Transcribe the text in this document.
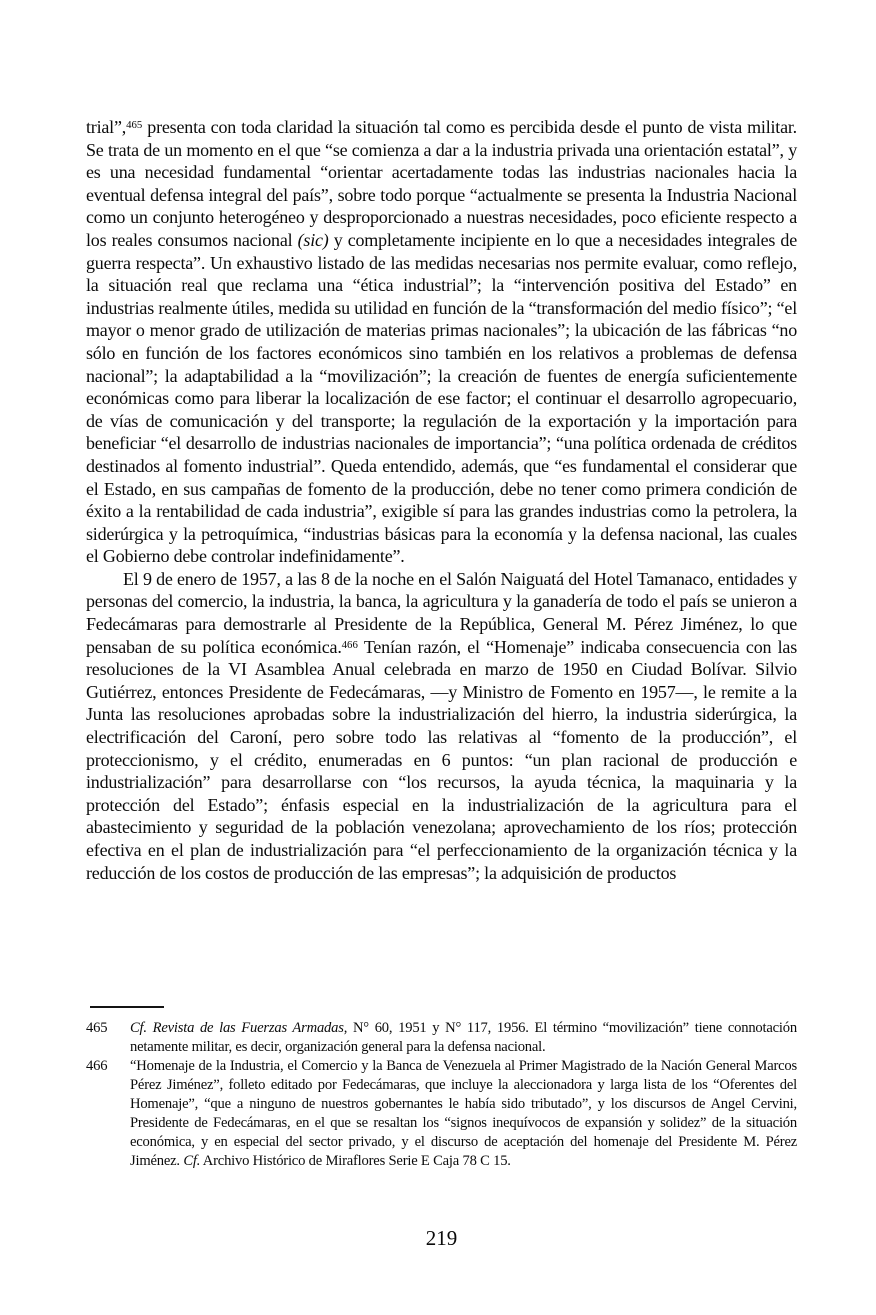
trial”,$^{465}$ presenta con toda claridad la situación tal como es percibida desde el punto de vista militar. Se trata de un momento en el que “se comienza a dar a la industria privada una orientación estatal”, y es una necesidad fundamental “orientar acertadamente todas las industrias nacionales hacia la eventual defensa integral del país”, sobre todo porque “actualmente se presenta la Industria Nacional como un conjunto heterogéneo y desproporcionado a nuestras necesidades, poco eficiente respecto a los reales consumos nacional (sic) y completamente incipiente en lo que a necesidades integrales de guerra respecta”. Un exhaustivo listado de las medidas necesarias nos permite evaluar, como reflejo, la situación real que reclama una “ética industrial”; la “intervención positiva del Estado” en industrias realmente útiles, medida su utilidad en función de la “transformación del medio físico”; “el mayor o menor grado de utilización de materias primas nacionales”; la ubicación de las fábricas “no sólo en función de los factores económicos sino también en los relativos a problemas de defensa nacional”; la adaptabilidad a la “movilización”; la creación de fuentes de energía suficientemente económicas como para liberar la localización de ese factor; el continuar el desarrollo agropecuario, de vías de comunicación y del transporte; la regulación de la exportación y la importación para beneficiar “el desarrollo de industrias nacionales de importancia”; “una política ordenada de créditos destinados al fomento industrial”. Queda entendido, además, que “es fundamental el considerar que el Estado, en sus campañas de fomento de la producción, debe no tener como primera condición de éxito a la rentabilidad de cada industria”, exigible sí para las grandes industrias como la petrolera, la siderúrgica y la petroquímica, “industrias básicas para la economía y la defensa nacional, las cuales el Gobierno debe controlar indefinidamente”.

El 9 de enero de 1957, a las 8 de la noche en el Salón Naiguatá del Hotel Tamanaco, entidades y personas del comercio, la industria, la banca, la agricultura y la ganadería de todo el país se unieron a Fedecámaras para demostrarle al Presidente de la República, General M. Pérez Jiménez, lo que pensaban de su política económica.$^{466}$ Tenían razón, el “Homenaje” indicaba consecuencia con las resoluciones de la VI Asamblea Anual celebrada en marzo de 1950 en Ciudad Bolívar. Silvio Gutiérrez, entonces Presidente de Fedecámaras, —y Ministro de Fomento en 1957—, le remite a la Junta las resoluciones aprobadas sobre la industrialización del hierro, la industria siderúrgica, la electrificación del Caroní, pero sobre todo las relativas al “fomento de la producción”, el proteccionismo, y el crédito, enumeradas en 6 puntos: “un plan racional de producción e industrialización” para desarrollarse con “los recursos, la ayuda técnica, la maquinaria y la protección del Estado”; énfasis especial en la industrialización de la agricultura para el abastecimiento y seguridad de la población venezolana; aprovechamiento de los ríos; protección efectiva en el plan de industrialización para “el perfeccionamiento de la organización técnica y la reducción de los costos de producción de las empresas”; la adquisición de productos

465	Cf. Revista de las Fuerzas Armadas, N° 60, 1951 y N° 117, 1956. El término “movilización” tiene connotación netamente militar, es decir, organización general para la defensa nacional.
466	“Homenaje de la Industria, el Comercio y la Banca de Venezuela al Primer Magistrado de la Nación General Marcos Pérez Jiménez”, folleto editado por Fedecámaras, que incluye la aleccionadora y larga lista de los “Oferentes del Homenaje”, “que a ninguno de nuestros gobernantes le había sido tributado”, y los discursos de Angel Cervini, Presidente de Fedecámaras, en el que se resaltan los “signos inequívocos de expansión y solidez” de la situación económica, y en especial del sector privado, y el discurso de aceptación del homenaje del Presidente M. Pérez Jiménez. Cf. Archivo Histórico de Miraflores Serie E Caja 78 C 15.
219
